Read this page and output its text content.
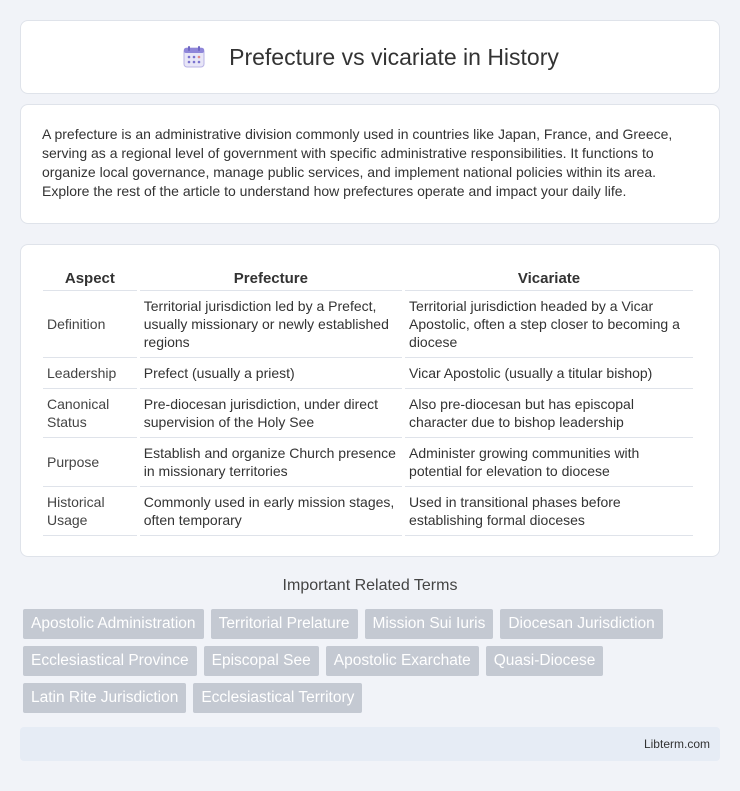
Prefecture vs vicariate in History

A prefecture is an administrative division commonly used in countries like Japan, France, and Greece, serving as a regional level of government with specific administrative responsibilities. It functions to organize local governance, manage public services, and implement national policies within its area. Explore the rest of the article to understand how prefectures operate and impact your daily life.

Aspect	Prefecture	Vicariate
Definition	Territorial jurisdiction led by a Prefect, usually missionary or newly established regions	Territorial jurisdiction headed by a Vicar Apostolic, often a step closer to becoming a diocese
Leadership	Prefect (usually a priest)	Vicar Apostolic (usually a titular bishop)
Canonical Status	Pre-diocesan jurisdiction, under direct supervision of the Holy See	Also pre-diocesan but has episcopal character due to bishop leadership
Purpose	Establish and organize Church presence in missionary territories	Administer growing communities with potential for elevation to diocese
Historical Usage	Commonly used in early mission stages, often temporary	Used in transitional phases before establishing formal dioceses
Important Related Terms
Apostolic Administration	Territorial Prelature	Mission Sui Iuris	Diocesan Jurisdiction
Ecclesiastical Province	Episcopal See	Apostolic Exarchate	Quasi-Diocese
Latin Rite Jurisdiction	Ecclesiastical Territory
Libterm.com
